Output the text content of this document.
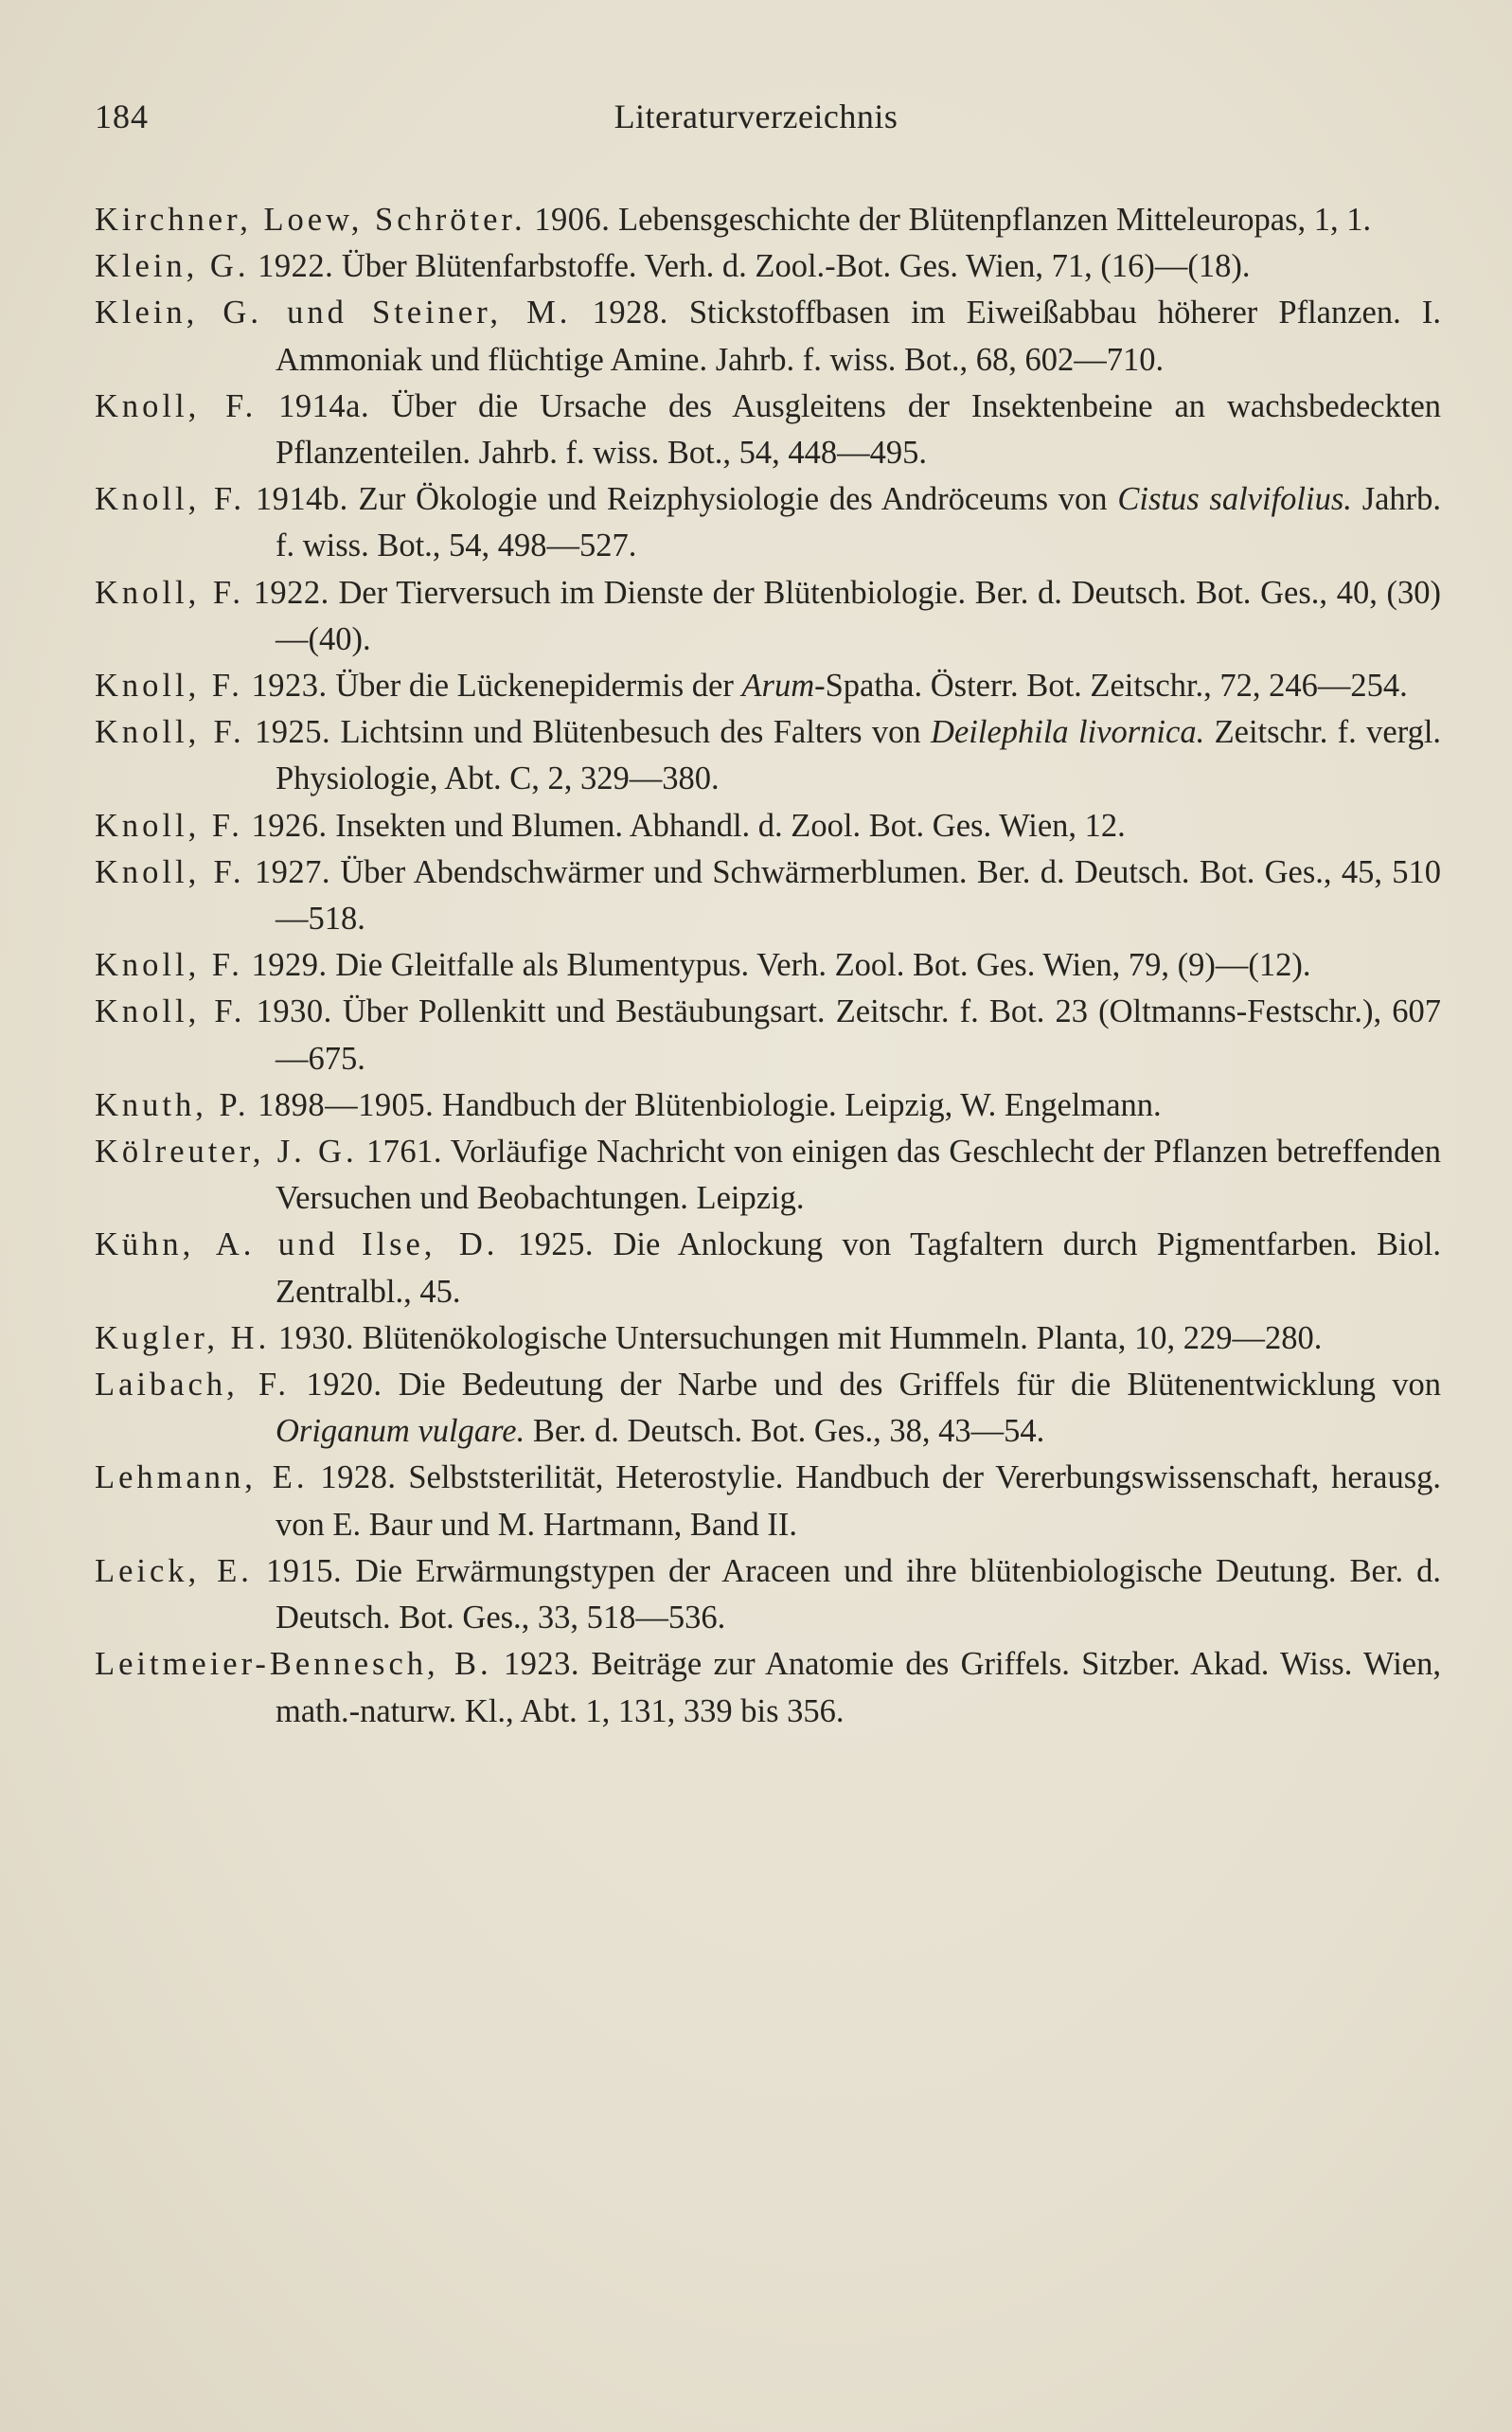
184	Literaturverzeichnis

Kirchner, Loew, Schröter. 1906. Lebensgeschichte der Blütenpflanzen Mitteleuropas, 1, 1.

Klein, G. 1922. Über Blütenfarbstoffe. Verh. d. Zool.-Bot. Ges. Wien, 71, (16)—(18).

Klein, G. und Steiner, M. 1928. Stickstoffbasen im Eiweißabbau höherer Pflanzen. I. Ammoniak und flüchtige Amine. Jahrb. f. wiss. Bot., 68, 602—710.

Knoll, F. 1914a. Über die Ursache des Ausgleitens der Insektenbeine an wachsbedeckten Pflanzenteilen. Jahrb. f. wiss. Bot., 54, 448—495.

Knoll, F. 1914b. Zur Ökologie und Reizphysiologie des Andröceums von Cistus salvifolius. Jahrb. f. wiss. Bot., 54, 498—527.

Knoll, F. 1922. Der Tierversuch im Dienste der Blütenbiologie. Ber. d. Deutsch. Bot. Ges., 40, (30)—(40).

Knoll, F. 1923. Über die Lückenepidermis der Arum-Spatha. Österr. Bot. Zeitschr., 72, 246—254.

Knoll, F. 1925. Lichtsinn und Blütenbesuch des Falters von Deilephila livornica. Zeitschr. f. vergl. Physiologie, Abt. C, 2, 329—380.

Knoll, F. 1926. Insekten und Blumen. Abhandl. d. Zool. Bot. Ges. Wien, 12.

Knoll, F. 1927. Über Abendschwärmer und Schwärmerblumen. Ber. d. Deutsch. Bot. Ges., 45, 510—518.

Knoll, F. 1929. Die Gleitfalle als Blumentypus. Verh. Zool. Bot. Ges. Wien, 79, (9)—(12).

Knoll, F. 1930. Über Pollenkitt und Bestäubungsart. Zeitschr. f. Bot. 23 (Oltmanns-Festschr.), 607—675.

Knuth, P. 1898—1905. Handbuch der Blütenbiologie. Leipzig, W. Engelmann.

Kölreuter, J. G. 1761. Vorläufige Nachricht von einigen das Geschlecht der Pflanzen betreffenden Versuchen und Beobachtungen. Leipzig.

Kühn, A. und Ilse, D. 1925. Die Anlockung von Tagfaltern durch Pigmentfarben. Biol. Zentralbl., 45.

Kugler, H. 1930. Blütenökologische Untersuchungen mit Hummeln. Planta, 10, 229—280.

Laibach, F. 1920. Die Bedeutung der Narbe und des Griffels für die Blütenentwicklung von Origanum vulgare. Ber. d. Deutsch. Bot. Ges., 38, 43—54.

Lehmann, E. 1928. Selbststerilität, Heterostylie. Handbuch der Vererbungswissenschaft, herausg. von E. Baur und M. Hartmann, Band II.

Leick, E. 1915. Die Erwärmungstypen der Araceen und ihre blütenbiologische Deutung. Ber. d. Deutsch. Bot. Ges., 33, 518—536.

Leitmeier-Bennesch, B. 1923. Beiträge zur Anatomie des Griffels. Sitzber. Akad. Wiss. Wien, math.-naturw. Kl., Abt. 1, 131, 339 bis 356.
